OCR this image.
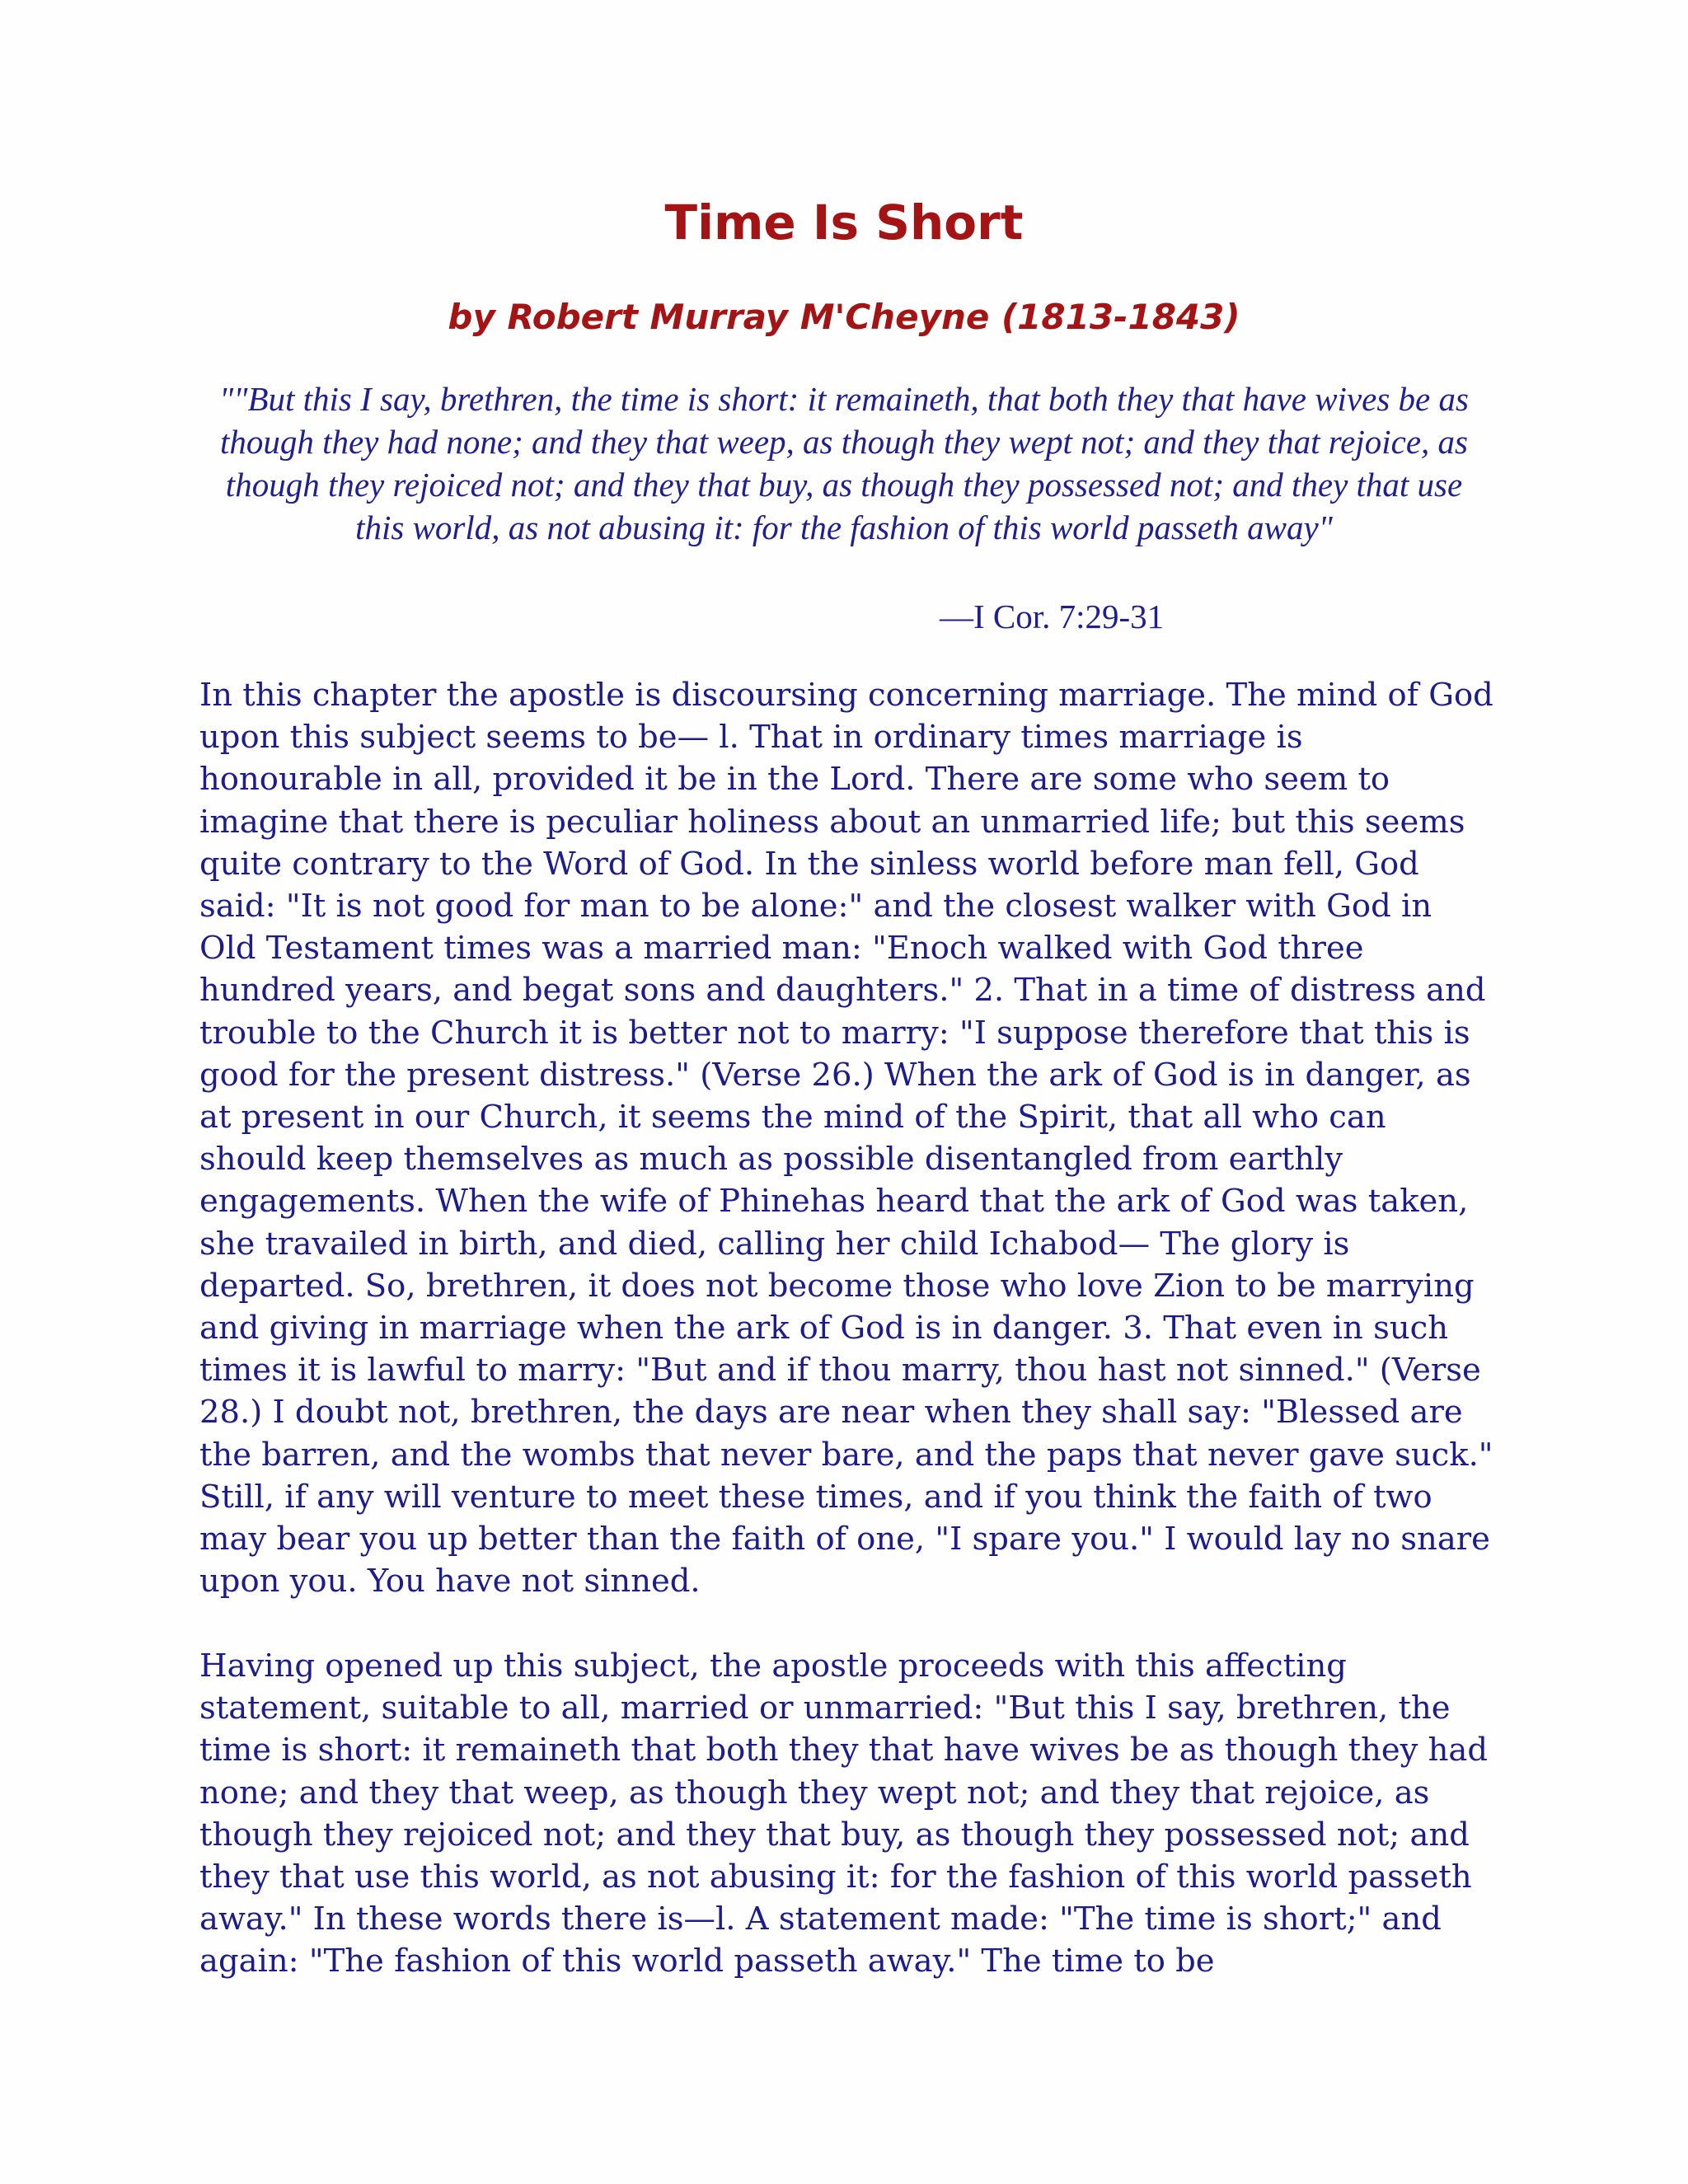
Time Is Short
by Robert Murray M'Cheyne (1813-1843)

""But this I say, brethren, the time is short: it remaineth, that both they that have wives be as though they had none; and they that weep, as though they wept not; and they that rejoice, as though they rejoiced not; and they that buy, as though they possessed not; and they that use this world, as not abusing it: for the fashion of this world passeth away"

—I Cor. 7:29-31

In this chapter the apostle is discoursing concerning marriage. The mind of God upon this subject seems to be— l. That in ordinary times marriage is honourable in all, provided it be in the Lord. There are some who seem to imagine that there is peculiar holiness about an unmarried life; but this seems quite contrary to the Word of God. In the sinless world before man fell, God said: "It is not good for man to be alone:" and the closest walker with God in Old Testament times was a married man: "Enoch walked with God three hundred years, and begat sons and daughters." 2. That in a time of distress and trouble to the Church it is better not to marry: "I suppose therefore that this is good for the present distress." (Verse 26.) When the ark of God is in danger, as at present in our Church, it seems the mind of the Spirit, that all who can should keep themselves as much as possible disentangled from earthly engagements. When the wife of Phinehas heard that the ark of God was taken, she travailed in birth, and died, calling her child Ichabod— The glory is departed. So, brethren, it does not become those who love Zion to be marrying and giving in marriage when the ark of God is in danger. 3. That even in such times it is lawful to marry: "But and if thou marry, thou hast not sinned." (Verse 28.) I doubt not, brethren, the days are near when they shall say: "Blessed are the barren, and the wombs that never bare, and the paps that never gave suck." Still, if any will venture to meet these times, and if you think the faith of two may bear you up better than the faith of one, "I spare you." I would lay no snare upon you. You have not sinned.

Having opened up this subject, the apostle proceeds with this affecting statement, suitable to all, married or unmarried: "But this I say, brethren, the time is short: it remaineth that both they that have wives be as though they had none; and they that weep, as though they wept not; and they that rejoice, as though they rejoiced not; and they that buy, as though they possessed not; and they that use this world, as not abusing it: for the fashion of this world passeth away." In these words there is—l. A statement made: "The time is short;" and again: "The fashion of this world passeth away." The time to be
